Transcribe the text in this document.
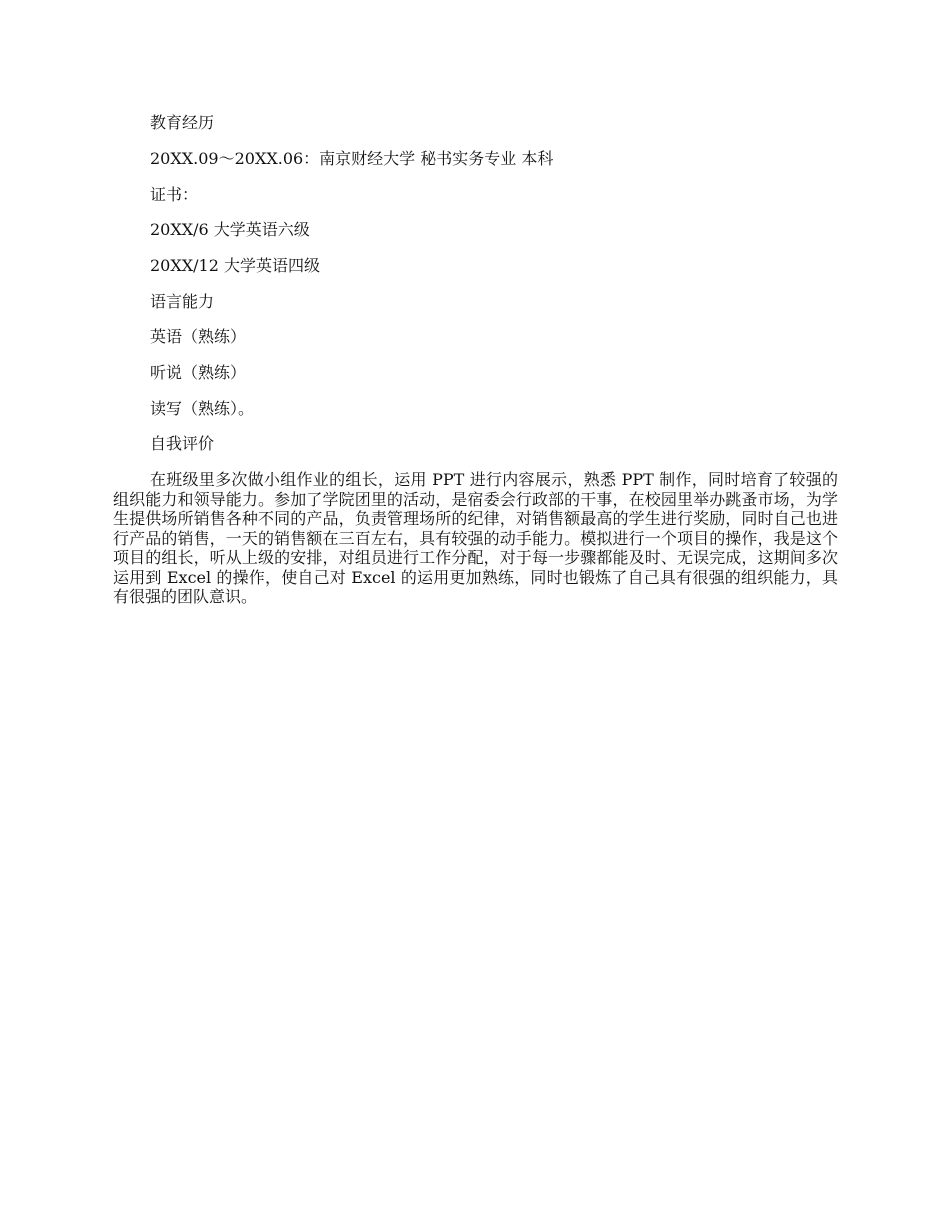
教育经历
20XX.09～20XX.06：南京财经大学 秘书实务专业 本科
证书：
20XX/6 大学英语六级
20XX/12 大学英语四级
语言能力
英语（熟练）
听说（熟练）
读写（熟练）。
自我评价

在班级里多次做小组作业的组长，运用 PPT 进行内容展示，熟悉 PPT 制作，同时培育了较强的组织能力和领导能力。参加了学院团里的活动，是宿委会行政部的干事，在校园里举办跳蚤市场，为学生提供场所销售各种不同的产品，负责管理场所的纪律，对销售额最高的学生进行奖励，同时自己也进行产品的销售，一天的销售额在三百左右，具有较强的动手能力。模拟进行一个项目的操作，我是这个项目的组长，听从上级的安排，对组员进行工作分配，对于每一步骤都能及时、无误完成，这期间多次运用到 Excel 的操作，使自己对 Excel 的运用更加熟练，同时也锻炼了自己具有很强的组织能力，具有很强的团队意识。
